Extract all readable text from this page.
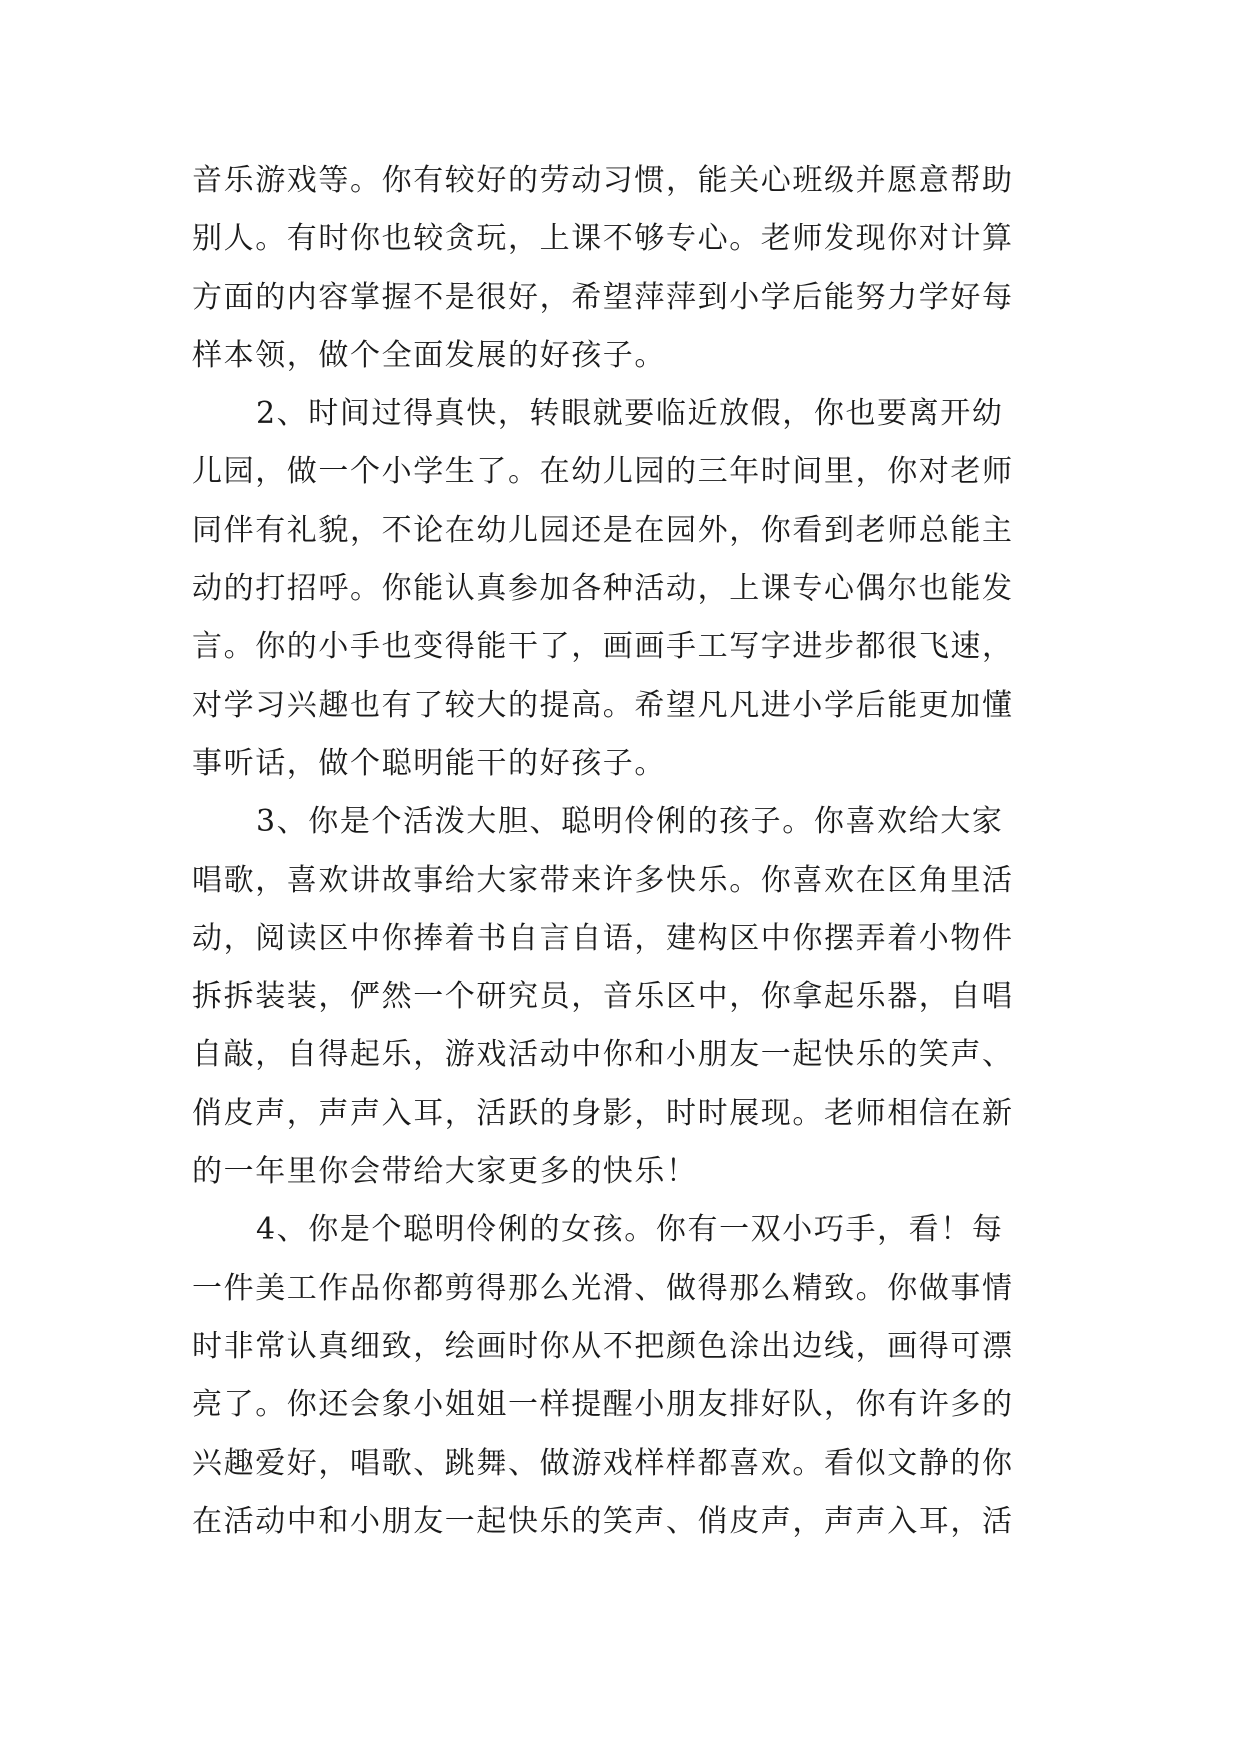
音乐游戏等。你有较好的劳动习惯，能关心班级并愿意帮助
别人。有时你也较贪玩，上课不够专心。老师发现你对计算
方面的内容掌握不是很好，希望萍萍到小学后能努力学好每
样本领，做个全面发展的好孩子。
2、时间过得真快，转眼就要临近放假，你也要离开幼
儿园，做一个小学生了。在幼儿园的三年时间里，你对老师
同伴有礼貌，不论在幼儿园还是在园外，你看到老师总能主
动的打招呼。你能认真参加各种活动，上课专心偶尔也能发
言。你的小手也变得能干了，画画手工写字进步都很飞速，
对学习兴趣也有了较大的提高。希望凡凡进小学后能更加懂
事听话，做个聪明能干的好孩子。
3、你是个活泼大胆、聪明伶俐的孩子。你喜欢给大家
唱歌，喜欢讲故事给大家带来许多快乐。你喜欢在区角里活
动，阅读区中你捧着书自言自语，建构区中你摆弄着小物件
拆拆装装，俨然一个研究员，音乐区中，你拿起乐器，自唱
自敲，自得起乐，游戏活动中你和小朋友一起快乐的笑声、
俏皮声，声声入耳，活跃的身影，时时展现。老师相信在新
的一年里你会带给大家更多的快乐！
4、你是个聪明伶俐的女孩。你有一双小巧手，看！每
一件美工作品你都剪得那么光滑、做得那么精致。你做事情
时非常认真细致，绘画时你从不把颜色涂出边线，画得可漂
亮了。你还会象小姐姐一样提醒小朋友排好队，你有许多的
兴趣爱好，唱歌、跳舞、做游戏样样都喜欢。看似文静的你
在活动中和小朋友一起快乐的笑声、俏皮声，声声入耳，活
